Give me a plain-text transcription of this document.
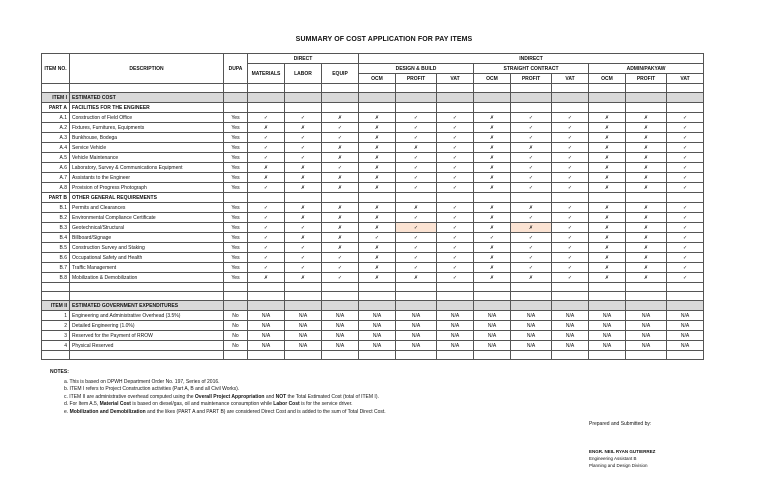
SUMMARY OF COST APPLICATION FOR PAY ITEMS
ITEM NO.	DESCRIPTION	DUPA	DIRECT			INDIRECT								
			MATERIALS	LABOR	EQUIP	DESIGN & BUILD			STRAIGHT CONTRACT			ADMIN/PAKYAW		
						OCM	PROFIT	VAT	OCM	PROFIT	VAT	OCM	PROFIT	VAT

ITEM I	ESTIMATED COST													
PART A	FACILITIES FOR THE ENGINEER													
A.1	Construction of Field Office	Yes	✓	✓	✗	✗	✓	✓	✗	✓	✓	✗	✗	✓
A.2	Fixtures, Furnitures, Equipments	Yes	✗	✗	✓	✗	✓	✓	✗	✓	✓	✗	✗	✓
A.3	Bunkhouse, Bodega	Yes	✓	✓	✓	✗	✓	✓	✗	✓	✓	✗	✗	✓
A.4	Service Vehicle	Yes	✓	✓	✗	✗	✗	✓	✗	✗	✓	✗	✗	✓
A.5	Vehicle Maintenance	Yes	✓	✓	✗	✗	✓	✓	✗	✓	✓	✗	✗	✓
A.6	Laboratory, Survey & Communications Equipment	Yes	✗	✗	✓	✗	✓	✓	✗	✓	✓	✗	✗	✓
A.7	Assistants to the Engineer	Yes	✗	✗	✗	✗	✓	✓	✗	✓	✓	✗	✗	✓
A.8	Provision of Progress Photograph	Yes	✓	✗	✗	✗	✓	✓	✗	✓	✓	✗	✗	✓
PART B	OTHER GENERAL REQUIREMENTS													
B.1	Permits and Clearances	Yes	✓	✗	✗	✗	✗	✓	✗	✗	✓	✗	✗	✓
B.2	Environmental Compliance Certificate	Yes	✓	✗	✗	✗	✓	✓	✗	✓	✓	✗	✗	✓
B.3	Geotechnical/Structural	Yes	✓	✓	✗	✗	✓	✓	✗	✗	✓	✗	✗	✓
B.4	Billboard/Signage	Yes	✓	✗	✗	✓	✓	✓	✓	✓	✓	✗	✗	✓
B.5	Construction Survey and Staking	Yes	✓	✓	✗	✗	✓	✓	✗	✓	✓	✗	✗	✓
B.6	Occupational Safety and Health	Yes	✓	✓	✓	✗	✓	✓	✗	✓	✓	✗	✗	✓
B.7	Traffic Management	Yes	✓	✓	✓	✗	✓	✓	✗	✓	✓	✗	✗	✓
B.8	Mobilization & Demobilization	Yes	✗	✗	✓	✗	✗	✓	✗	✗	✓	✗	✗	✓

ITEM II	ESTIMATED GOVERNMENT EXPENDITURES													
1	Engineering and Administrative Overhead (3.5%)	No	N/A	N/A	N/A	N/A	N/A	N/A	N/A	N/A	N/A	N/A	N/A	N/A
2	Detailed Engineering (1.0%)	No	N/A	N/A	N/A	N/A	N/A	N/A	N/A	N/A	N/A	N/A	N/A	N/A
3	Reserved for the Payment of RROW	No	N/A	N/A	N/A	N/A	N/A	N/A	N/A	N/A	N/A	N/A	N/A	N/A
4	Physical Reserved	No	N/A	N/A	N/A	N/A	N/A	N/A	N/A	N/A	N/A	N/A	N/A	N/A

NOTES:
a. This is based on DPWH Department Order No. 197, Series of 2016.
b. ITEM I refers to Project Construction activities (Part A, B and all Civil Works).
c. ITEM II are administrative overhead computed using the Overall Project Appropriation and NOT the Total Estimated Cost (total of ITEM I).
d. For Item A.5, Material Cost is based on diesel/gas, oil and maintenance consumption while Labor Cost is for the service driver.
e. Mobilization and Demobilization and the likes (PART A and PART B) are considered Direct Cost and is added to the sum of Total Direct Cost.
Prepared and Submitted by:
ENGR. NEIL RYAN GUTIERREZ
Engineering Assistant B
Planning and Design Division
